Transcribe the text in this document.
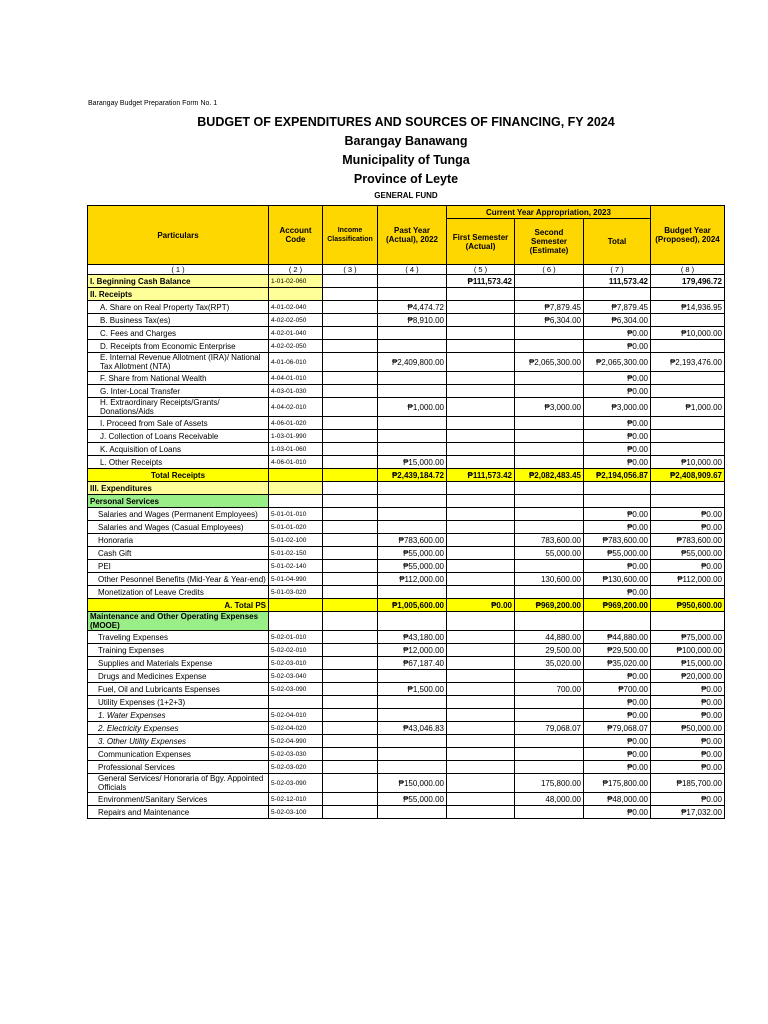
Barangay Budget Preparation Form No. 1
BUDGET OF EXPENDITURES AND SOURCES OF FINANCING, FY 2024
Barangay Banawang
Municipality of Tunga
Province of Leyte
GENERAL FUND
Particulars	Account Code	Income Classification	Past Year (Actual), 2022	Current Year Appropriation, 2023			Budget Year (Proposed), 2024
				First Semester (Actual)	Second Semester (Estimate)	Total	
( 1 )	( 2 )	( 3 )	( 4 )	( 5 )	( 6 )	( 7 )	( 8 )
I. Beginning Cash Balance	1-01-02-060			₱111,573.42		111,573.42	179,496.72
II. Receipts							
A. Share on Real Property Tax(RPT)	4-01-02-040		₱4,474.72		₱7,879.45	₱7,879.45	₱14,936.95
B. Business Tax(es)	4-02-02-050		₱8,910.00		₱6,304.00	₱6,304.00	
C. Fees and Charges	4-02-01-040					₱0.00	₱10,000.00
D. Receipts from Economic Enterprise	4-02-02-050					₱0.00	
E. Internal Revenue Allotment (IRA)/ National Tax Allotment (NTA)	4-01-06-010		₱2,409,800.00		₱2,065,300.00	₱2,065,300.00	₱2,193,476.00
F. Share from National Wealth	4-04-01-010					₱0.00	
G. Inter-Local Transfer	4-03-01-030					₱0.00	
H. Extraordinary Receipts/Grants/ Donations/Aids	4-04-02-010		₱1,000.00		₱3,000.00	₱3,000.00	₱1,000.00
I. Proceed from Sale of Assets	4-06-01-020					₱0.00	
J. Collection of Loans Receivable	1-03-01-990					₱0.00	
K. Acquisition of Loans	1-03-01-060					₱0.00	
L. Other Receipts	4-06-01-010		₱15,000.00			₱0.00	₱10,000.00
Total Receipts			₱2,439,184.72	₱111,573.42	₱2,082,483.45	₱2,194,056.87	₱2,408,909.67
III. Expenditures							
Personal Services							
Salaries and Wages (Permanent Employees)	5-01-01-010					₱0.00	₱0.00
Salaries and Wages (Casual Employees)	5-01-01-020					₱0.00	₱0.00
Honoraria	5-01-02-100		₱783,600.00		783,600.00	₱783,600.00	₱783,600.00
Cash Gift	5-01-02-150		₱55,000.00		55,000.00	₱55,000.00	₱55,000.00
PEI	5-01-02-140		₱55,000.00			₱0.00	₱0.00
Other Pesonnel Benefits (Mid-Year & Year-end)	5-01-04-990		₱112,000.00		130,600.00	₱130,600.00	₱112,000.00
Monetization of Leave Credits	5-01-03-020					₱0.00	
A. Total PS			₱1,005,600.00	₱0.00	₱969,200.00	₱969,200.00	₱950,600.00
Maintenance and Other Operating Expenses (MOOE)							
Traveling Expenses	5-02-01-010		₱43,180.00		44,880.00	₱44,880.00	₱75,000.00
Training Expenses	5-02-02-010		₱12,000.00		29,500.00	₱29,500.00	₱100,000.00
Supplies and Materials Expense	5-02-03-010		₱67,187.40		35,020.00	₱35,020.00	₱15,000.00
Drugs and Medicines Expense	5-02-03-040					₱0.00	₱20,000.00
Fuel, Oil and Lubricants Espenses	5-02-03-090		₱1,500.00		700.00	₱700.00	₱0.00
Utility Expenses (1+2+3)						₱0.00	₱0.00
1. Water Expenses	5-02-04-010					₱0.00	₱0.00
2. Electricity Expenses	5-02-04-020		₱43,046.83		79,068.07	₱79,068.07	₱50,000.00
3. Other Utility Expenses	5-02-04-990					₱0.00	₱0.00
Communication Expenses	5-02-03-030					₱0.00	₱0.00
Professional Services	5-02-03-020					₱0.00	₱0.00
General Services/ Honoraria of Bgy. Appointed Officials	5-02-03-090		₱150,000.00		175,800.00	₱175,800.00	₱185,700.00
Environment/Sanitary Services	5-02-12-010		₱55,000.00		48,000.00	₱48,000.00	₱0.00
Repairs and Maintenance	5-02-03-100					₱0.00	₱17,032.00
